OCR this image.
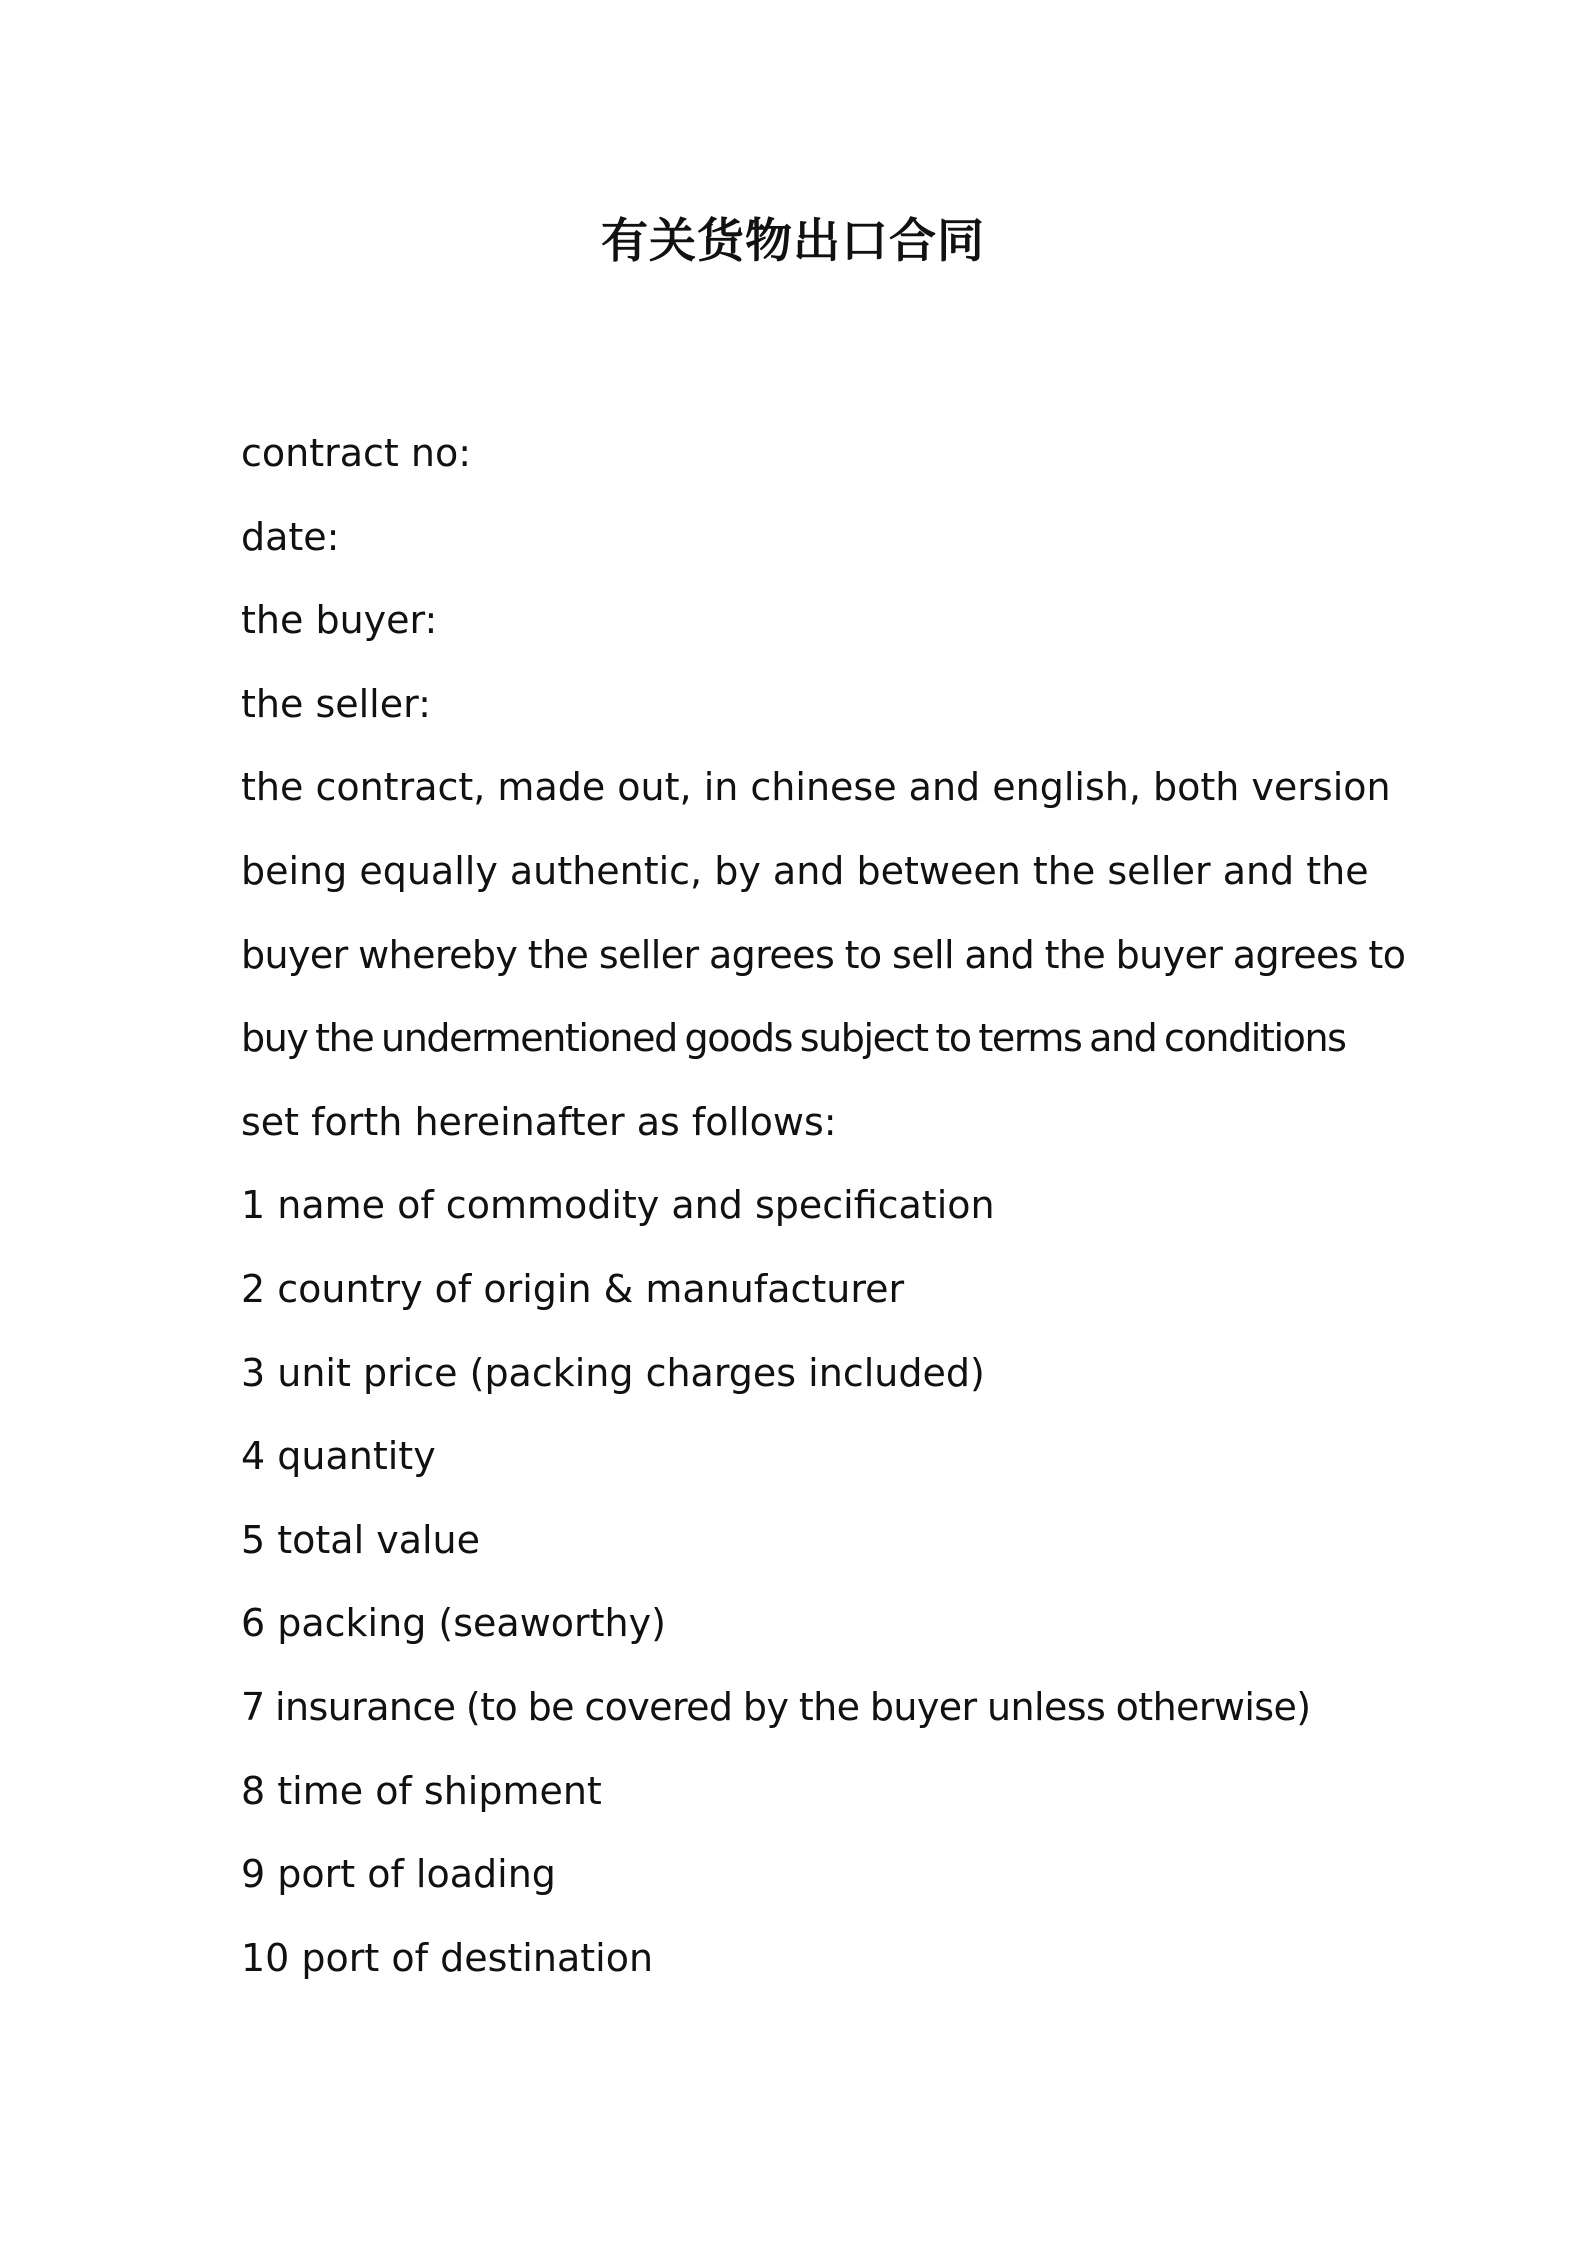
有关货物出口合同
contract no:
date:
the buyer:
the seller:
the contract, made out, in chinese and english, both version
being equally authentic, by and between the seller and the
buyer whereby the seller agrees to sell and the buyer agrees to
buy the undermentioned goods subject to terms and conditions
set forth hereinafter as follows:
1 name of commodity and specification
2 country of origin & manufacturer
3 unit price (packing charges included)
4 quantity
5 total value
6 packing (seaworthy)
7 insurance (to be covered by the buyer unless otherwise)
8 time of shipment
9 port of loading
10 port of destination
